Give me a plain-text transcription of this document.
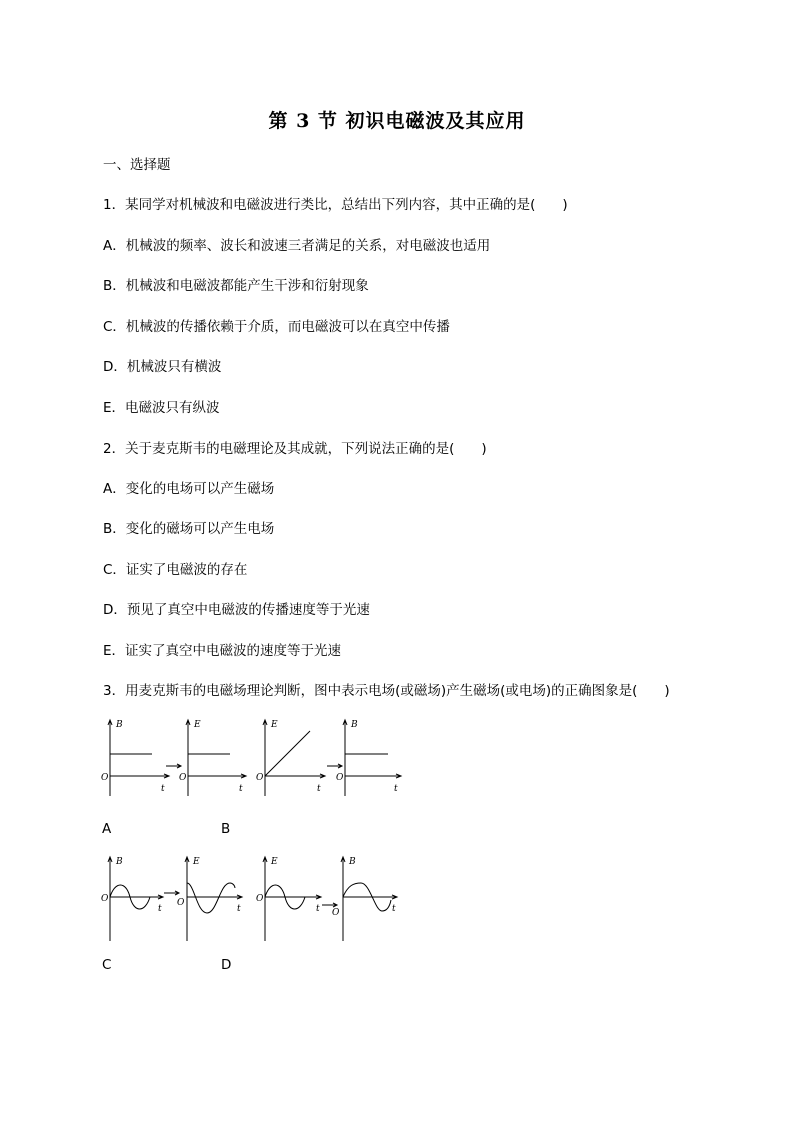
第 3 节 初识电磁波及其应用
一、选择题
1．某同学对机械波和电磁波进行类比，总结出下列内容，其中正确的是(　　)
A．机械波的频率、波长和波速三者满足的关系，对电磁波也适用
B．机械波和电磁波都能产生干涉和衍射现象
C．机械波的传播依赖于介质，而电磁波可以在真空中传播
D．机械波只有横波
E．电磁波只有纵波
2．关于麦克斯韦的电磁理论及其成就，下列说法正确的是(　　)
A．变化的电场可以产生磁场
B．变化的磁场可以产生电场
C．证实了电磁波的存在
D．预见了真空中电磁波的传播速度等于光速
E．证实了真空中电磁波的速度等于光速
3．用麦克斯韦的电磁场理论判断，图中表示电场(或磁场)产生磁场(或电场)的正确图象是(　　)
B
O
t
E
O
t
E
O
t
B
O
t
A	B
B
O
t
E
O
t
E
O
t
B
O	t
C	D
